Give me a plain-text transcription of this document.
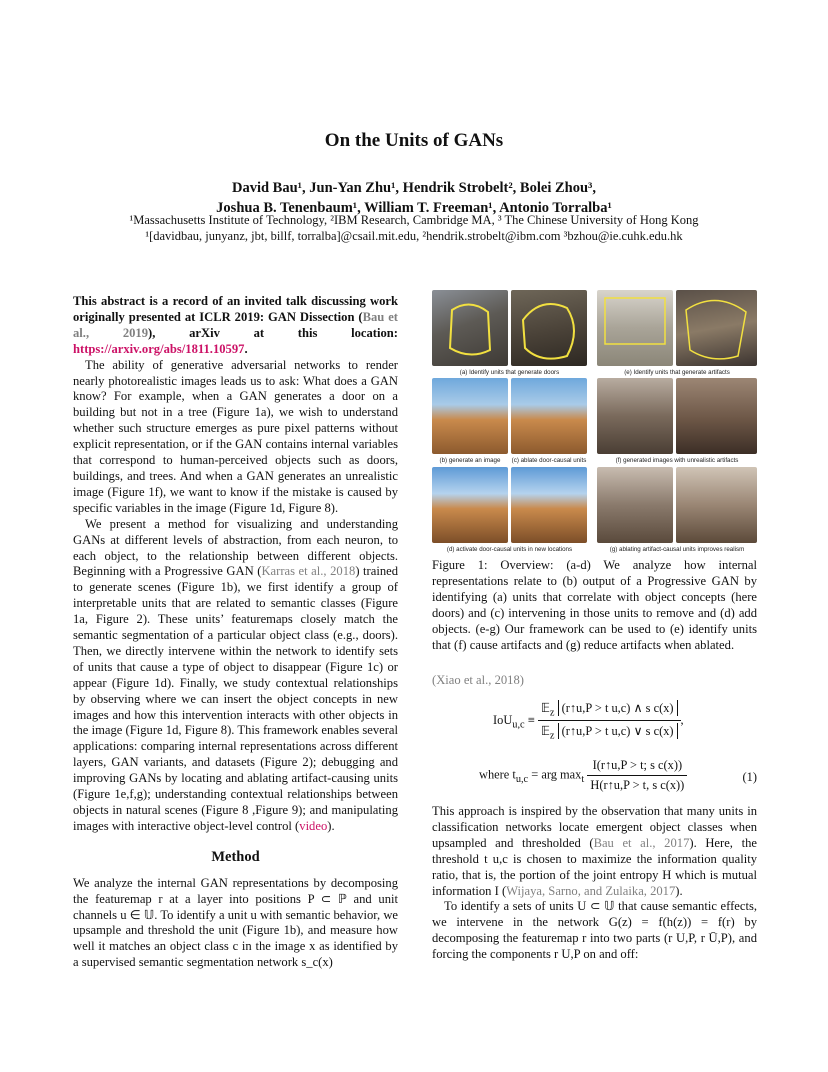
On the Units of GANs
David Bau¹, Jun-Yan Zhu¹, Hendrik Strobelt², Bolei Zhou³,
Joshua B. Tenenbaum¹, William T. Freeman¹, Antonio Torralba¹
¹Massachusetts Institute of Technology, ²IBM Research, Cambridge MA, ³ The Chinese University of Hong Kong
¹[davidbau, junyanz, jbt, billf, torralba]@csail.mit.edu, ²hendrik.strobelt@ibm.com ³bzhou@ie.cuhk.edu.hk

This abstract is a record of an invited talk discussing work originally presented at ICLR 2019: GAN Dissection (Bau et al., 2019), arXiv at this location: https://arxiv.org/abs/1811.10597.

The ability of generative adversarial networks to render nearly photorealistic images leads us to ask: What does a GAN know? For example, when a GAN generates a door on a building but not in a tree (Figure 1a), we wish to understand whether such structure emerges as pure pixel patterns without explicit representation, or if the GAN contains internal variables that correspond to human-perceived objects such as doors, buildings, and trees. And when a GAN generates an unrealistic image (Figure 1f), we want to know if the mistake is caused by specific variables in the image (Figure 1d, Figure 8).

We present a method for visualizing and understanding GANs at different levels of abstraction, from each neuron, to each object, to the relationship between different objects. Beginning with a Progressive GAN (Karras et al., 2018) trained to generate scenes (Figure 1b), we first identify a group of interpretable units that are related to semantic classes (Figure 1a, Figure 2). These units’ featuremaps closely match the semantic segmentation of a particular object class (e.g., doors). Then, we directly intervene within the network to identify sets of units that cause a type of object to disappear (Figure 1c) or appear (Figure 1d). Finally, we study contextual relationships by observing where we can insert the object concepts in new images and how this intervention interacts with other objects in the image (Figure 1d, Figure 8). This framework enables several applications: comparing internal representations across different layers, GAN variants, and datasets (Figure 2); debugging and improving GANs by locating and ablating artifact-causing units (Figure 1e,f,g); understanding contextual relationships between objects in natural scenes (Figure 8 ,Figure 9); and manipulating images with interactive object-level control (video).

Method

We analyze the internal GAN representations by decomposing the featuremap r at a layer into positions P ⊂ ℙ and unit channels u ∈ 𝕌. To identify a unit u with semantic behavior, we upsample and threshold the unit (Figure 1b), and measure how well it matches an object class c in the image x as identified by a supervised semantic segmentation network s_c(x)

(a) Identify units that generate doors	(e) Identify units that generate artifacts
(b) generate an image	(c) ablate door-causal units	(f) generated images with unrealistic artifacts
(d) activate door-causal units in new locations	(g) ablating artifact-causal units improves realism
Figure 1: Overview: (a-d) We analyze how internal representations relate to (b) output of a Progressive GAN by identifying (a) units that correlate with object concepts (here doors) and (c) intervening in those units to remove and (d) add objects. (e-g) Our framework can be used to (e) identify units that (f) cause artifacts and (g) reduce artifacts when ablated.
(Xiao et al., 2018)
$IoU_{u,c} \equiv \frac{𝔼_z (r↑u,P > t u,c) \wedge s c(x)}{𝔼_z (r↑u,P > t u,c) \vee s c(x)}$ ,
where $t_{u,c}$ = arg $\max_t \frac{\text{I(r↑u,P > t; s c(x))}}{\text{H(r↑u,P > t, s c(x))}}$	(1)

This approach is inspired by the observation that many units in classification networks locate emergent object classes when upsampled and thresholded (Bau et al., 2017). Here, the threshold t u,c is chosen to maximize the information quality ratio, that is, the portion of the joint entropy H which is mutual information I (Wijaya, Sarno, and Zulaika, 2017).

To identify a sets of units U ⊂ 𝕌 that cause semantic effects, we intervene in the network G(z) = f(h(z)) = f(r) by decomposing the featuremap r into two parts (r U,P, r Ū,P), and forcing the components r U,P on and off:
